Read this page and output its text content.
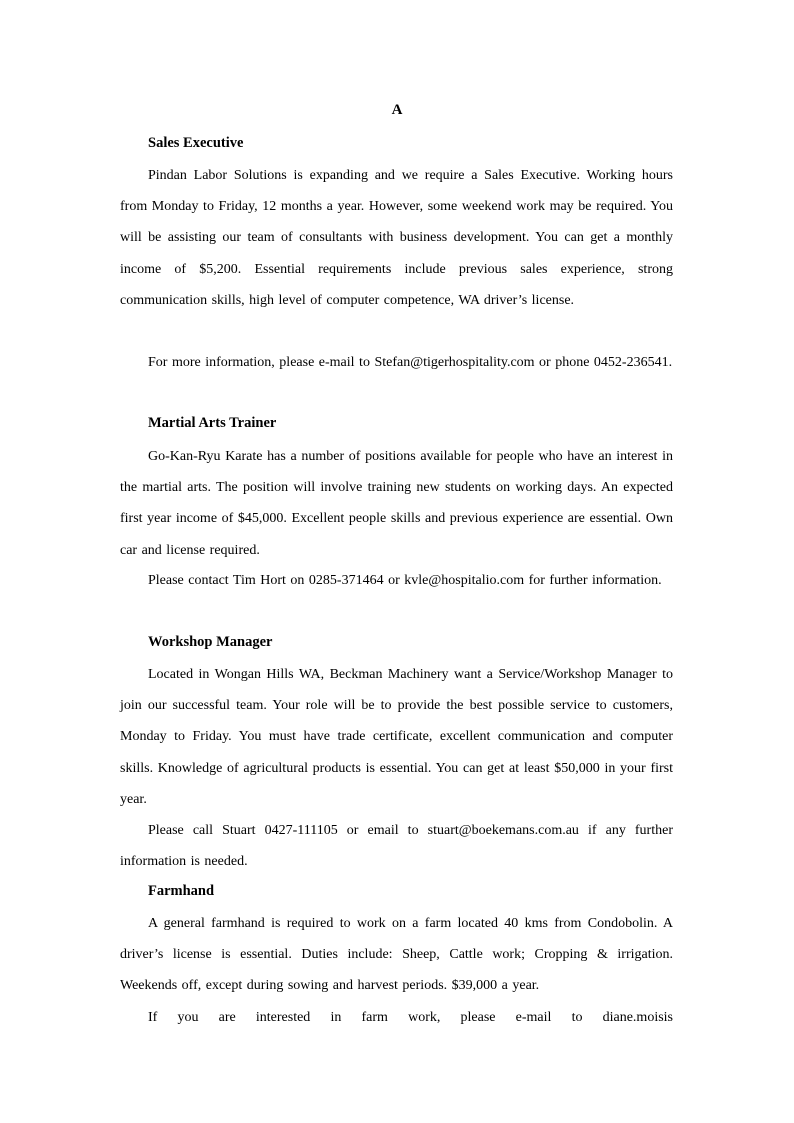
A
Sales Executive
Pindan Labor Solutions is expanding and we require a Sales Executive. Working hours from Monday to Friday, 12 months a year. However, some weekend work may be required. You will be assisting our team of consultants with business development. You can get a monthly income of $5,200. Essential requirements include previous sales experience, strong communication skills, high level of computer competence, WA driver’s license.
For more information, please e-mail to Stefan@tigerhospitality.com or phone 0452-236541.
Martial Arts Trainer
Go-Kan-Ryu Karate has a number of positions available for people who have an interest in the martial arts. The position will involve training new students on working days. An expected first year income of $45,000. Excellent people skills and previous experience are essential. Own car and license required.
Please contact Tim Hort on 0285-371464 or kvle@hospitalio.com for further information.
Workshop Manager
Located in Wongan Hills WA, Beckman Machinery want a Service/Workshop Manager to join our successful team. Your role will be to provide the best possible service to customers, Monday to Friday. You must have trade certificate, excellent communication and computer skills. Knowledge of agricultural products is essential. You can get at least $50,000 in your first year.
Please call Stuart 0427-111105 or email to stuart@boekemans.com.au if any further information is needed.
Farmhand
A general farmhand is required to work on a farm located 40 kms from Condobolin. A driver’s license is essential. Duties include: Sheep, Cattle work; Cropping & irrigation. Weekends off, except during sowing and harvest periods. $39,000 a year.
If you are interested in farm work, please e-mail to diane.moisis
